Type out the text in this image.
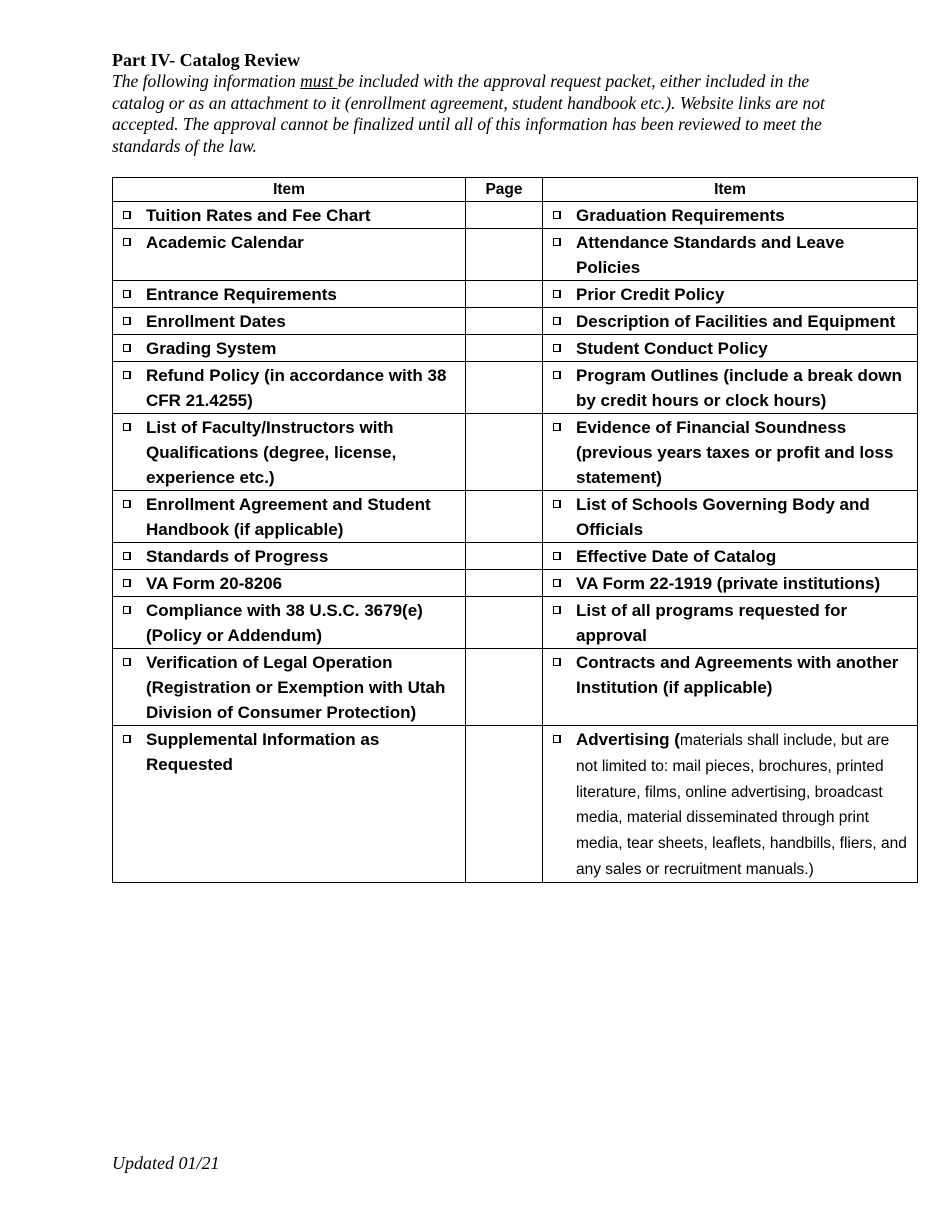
Part IV- Catalog Review

The following information must be included with the approval request packet, either included in the catalog or as an attachment to it (enrollment agreement, student handbook etc.). Website links are not accepted. The approval cannot be finalized until all of this information has been reviewed to meet the standards of the law.

Item	Page	Item

Tuition Rates and Fee Chart		Graduation Requirements

Academic Calendar		Attendance Standards and Leave Policies

Entrance Requirements		Prior Credit Policy

Enrollment Dates		Description of Facilities and Equipment

Grading System		Student Conduct Policy

Refund Policy (in accordance with 38 CFR 21.4255)		Program Outlines (include a break down by credit hours or clock hours)

List of Faculty/Instructors with Qualifications (degree, license, experience etc.)		Evidence of Financial Soundness (previous years taxes or profit and loss statement)

Enrollment Agreement and Student Handbook (if applicable)		List of Schools Governing Body and Officials

Standards of Progress		Effective Date of Catalog

VA Form 20-8206		VA Form 22-1919 (private institutions)

Compliance with 38 U.S.C. 3679(e) (Policy or Addendum)		List of all programs requested for approval

Verification of Legal Operation (Registration or Exemption with Utah Division of Consumer Protection)		Contracts and Agreements with another Institution (if applicable)

Supplemental Information as Requested		Advertising (materials shall include, but are not limited to: mail pieces, brochures, printed literature, films, online advertising, broadcast media, material disseminated through print media, tear sheets, leaflets, handbills, fliers, and any sales or recruitment manuals.)

Updated 01/21
